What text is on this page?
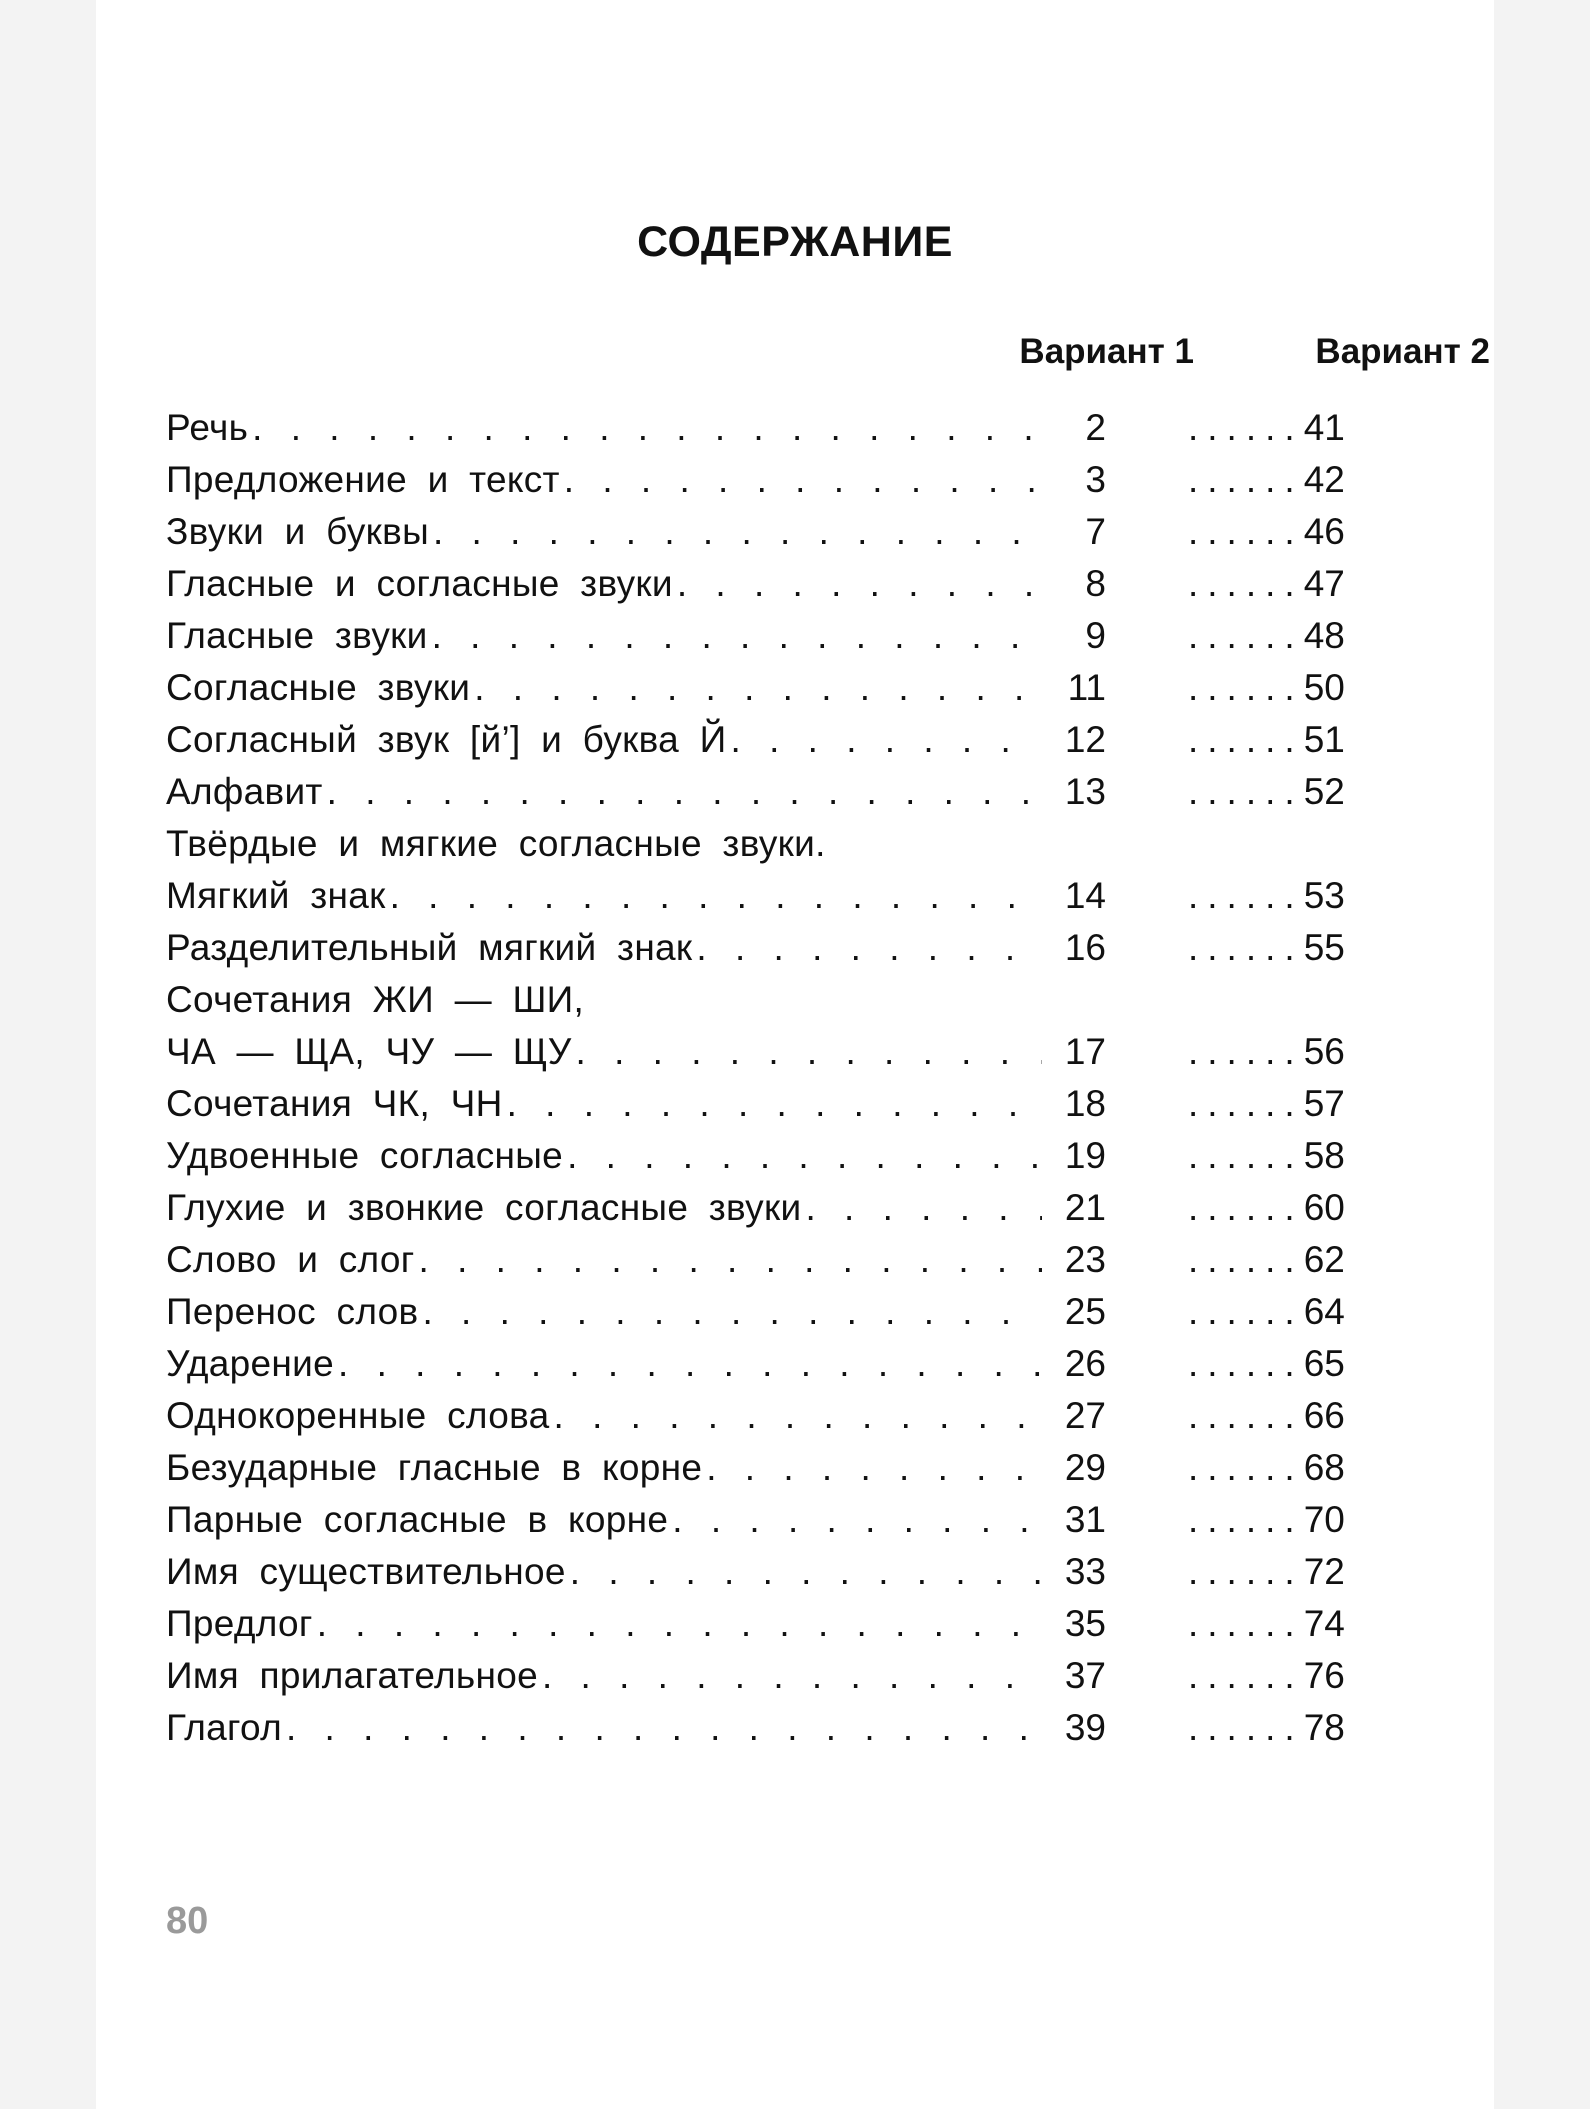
СОДЕРЖАНИЕ
Вариант 1	Вариант 2
Речь . . .	2 ...... 41
Предложение и текст . . .	3 ...... 42
Звуки и буквы . . .	7 ...... 46
Гласные и согласные звуки . . .	8 ...... 47
Гласные звуки . . .	9 ...... 48
Согласные звуки . . .	11 ...... 50
Согласный звук [й’] и буква Й . . .	12 ...... 51
Алфавит . . .	13 ...... 52
Твёрдые и мягкие согласные звуки.
Мягкий знак . . .	14 ...... 53
Разделительный мягкий знак . . .	16 ...... 55
Сочетания ЖИ — ШИ,
ЧА — ЩА, ЧУ — ЩУ . . .	17 ...... 56
Сочетания ЧК, ЧН . . .	18 ...... 57
Удвоенные согласные . . .	19 ...... 58
Глухие и звонкие согласные звуки . . .	21 ...... 60
Слово и слог . . .	23 ...... 62
Перенос слов . . .	25 ...... 64
Ударение . . .	26 ...... 65
Однокоренные слова . . .	27 ...... 66
Безударные гласные в корне . . .	29 ...... 68
Парные согласные в корне . . .	31 ...... 70
Имя существительное . . .	33 ...... 72
Предлог . . .	35 ...... 74
Имя прилагательное . . .	37 ...... 76
Глагол . . .	39 ...... 78
80
